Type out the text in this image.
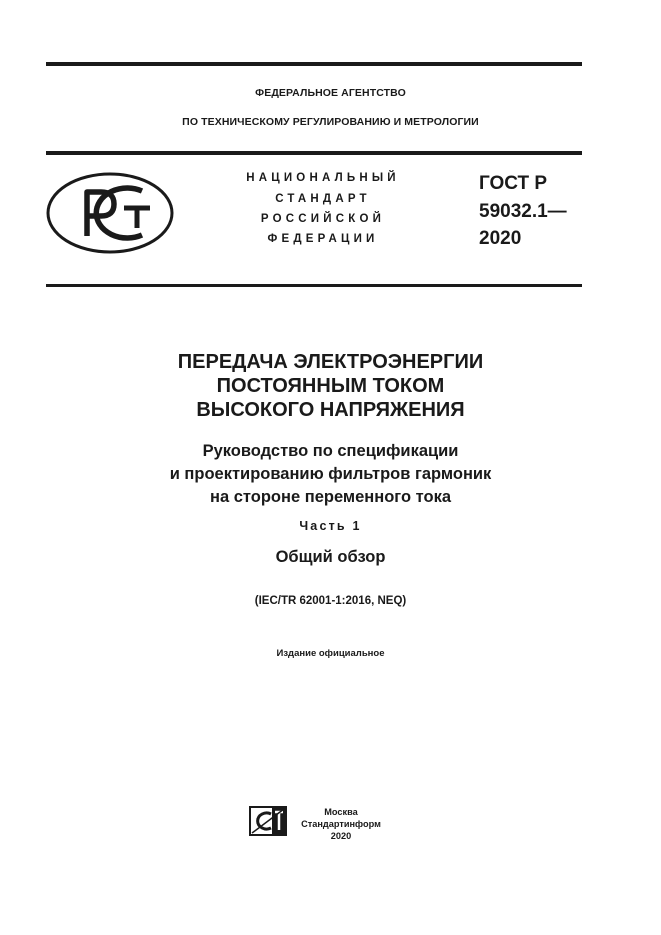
ФЕДЕРАЛЬНОЕ АГЕНТСТВО
ПО ТЕХНИЧЕСКОМУ РЕГУЛИРОВАНИЮ И МЕТРОЛОГИИ
НАЦИОНАЛЬНЫЙ
СТАНДАРТ
РОССИЙСКОЙ
ФЕДЕРАЦИИ
ГОСТ Р
59032.1—
2020
ПЕРЕДАЧА ЭЛЕКТРОЭНЕРГИИ
ПОСТОЯННЫМ ТОКОМ
ВЫСОКОГО НАПРЯЖЕНИЯ
Руководство по спецификации
и проектированию фильтров гармоник
на стороне переменного тока
Часть 1
Общий обзор
(IEC/TR 62001-1:2016, NEQ)
Издание официальное
Москва
Стандартинформ
2020
